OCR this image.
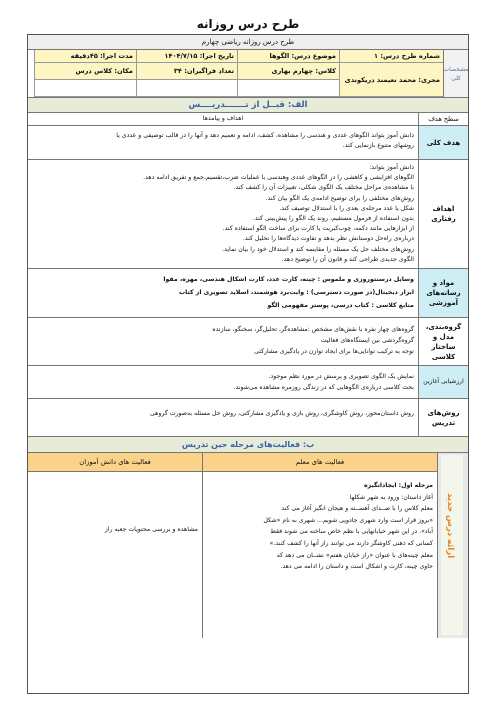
طرح درس روزانه
طرح درس روزانه ریاضی چهارم
مشخصات کلی
شماره طرح درس: ۱
موضوع درس: الگوها
تاریخ اجرا: ۱۴۰۴/۷/۱۵
مدت اجرا: ۴۵دقیقه
مجری: محمد نعیمند دریکوندی
کلاس: چهارم بهاری
تعداد فراگیران: ۳۴
مکان: کلاس درس
الف: قبــل از تـــــــدریــــس
سطح هدف
اهداف و پیامدها
هدف کلی
دانش آموز بتواند الگوهای عددی و هندسی را مشاهده، کشف، ادامه و تعمیم دهد و آنها را در قالب توصیفی و عددی یا
روشهای متنوع بازنمایی کند.
اهداف رفتاری
دانش آموز بتواند:
الگوهای افزایشی و کاهشی را در الگوهای عددی وهندسی با عملیات ضرب،تقسیم،جمع و تفریق ادامه دهد.
با مشاهده‌ی مراحل مختلف یک الگوی شکلی، تغییرات آن را کشف کند.
روش‌های مختلفی را برای توضیح ادامه‌ی یک الگو بیان کند.
شکل یا عدد مرحله‌ی بعدی را با استدلال توصیف کند.
بدون استفاده از فرمول مستقیم، روند یک الگو را پیش‌بینی کند.
از ابزارهایی مانند دکمه، چوب‌کبریت یا کارت برای ساخت الگو استفاده کند.
درباره‌ی راه‌حل دوستانش نظر بدهد و تفاوت دیدگاه‌ها را تحلیل کند.
روش‌های مختلف حل یک مسئله را مقایسه کند و استدلال خود را بیان نماید.
الگوی جدیدی طراحی کند و قانون آن را توضیح دهد.
مواد و رسانه‌های آموزشی
وسایل درسنتوروزی و ملموس : چینه، کارت عدد، کارت اشکال هندسی، مهره، مقوا
ابزار دیجیتال(در صورت دسترسی) : وایت‌برد هوشمند، اسلاید تصویری از کتاب
منابع کلاسی : کتاب درسی، پوستر مفهومی الگو
گروه‌بندی، مدل و ساختار کلاسی
گروه‌های چهار نفره با نقش‌های مشخص :مشاهده‌گر، تحلیل‌گر، سخنگو، سازنده
گروه‌گردشی بین ایستگاه‌های فعالیت
توجه به ترکیب توانایی‌ها برای ایجاد توازن در یادگیری مشارکتی
ارزشیابی آغازین
نمایش یک الگوی تصویری و پرسش در مورد نظم موجود.
بحث کلاسی درباره‌ی الگوهایی که در زندگی روزمره مشاهده می‌شوند.
روش‌های تدریس
روش داستان‌محور، روش کاوشگری، روش بازی و یادگیری مشارکتی، روش حل مسئله به‌صورت گروهی
ب: فعالیت‌های مرحله حین تدریس
ارائه درس جدید
فعالیت های معلم
مرحله اول: ایجادانگیزه
آغاز داستان: ورود به شهر شکلها
معلم کلاس را با صــدای آهســته و هیجان انگیز آغاز می کند
«بروز قرار است وارد شهری جادویی شویم... شهری به نام «شکل
آباد». در این شهر خیابانهایی با نظم خاص ساخته می شوند فقط
کسانی که ذهنی کاوشگر دارند می توانند راز آنها را کشف کنند.»
معلم چینه‌های با عنوان «راز خیابان هفتم» نشــان می دهد که
حاوی چینه، کارت و اشکال است و داستان را ادامه می دهد.
فعالیت های دانش آموزان

مشاهده و بررسی محتویات جعبه راز
